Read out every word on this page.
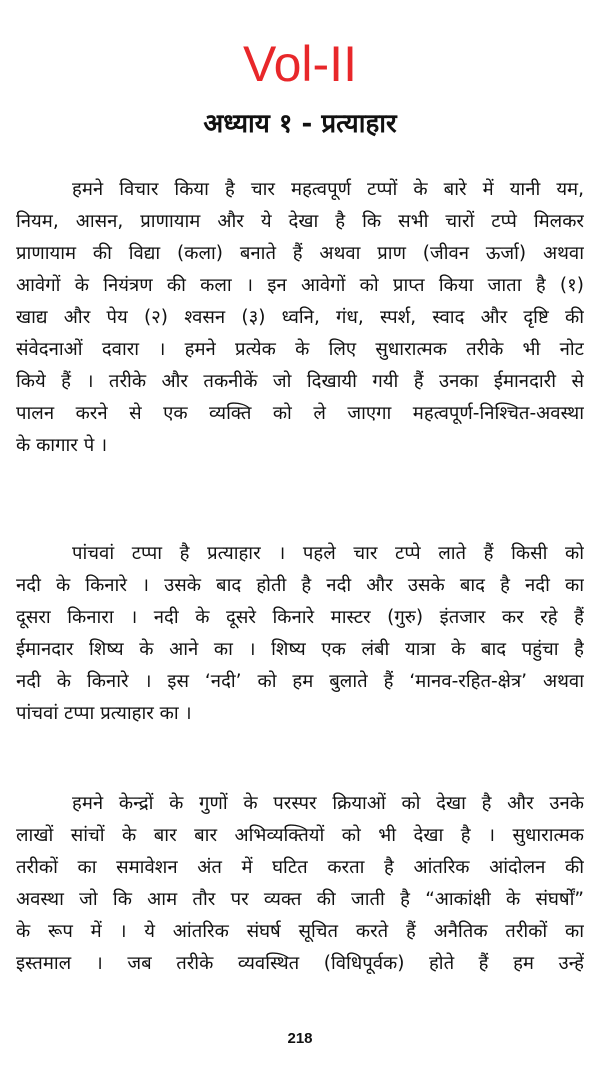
Vol-II
अध्याय १ - प्रत्याहार
हमने विचार किया है चार महत्वपूर्ण टप्पों के बारे में यानी यम,
नियम, आसन, प्राणायाम और ये देखा है कि सभी चारों टप्पे मिलकर
प्राणायाम की विद्या (कला) बनाते हैं अथवा प्राण (जीवन ऊर्जा) अथवा
आवेगों के नियंत्रण की कला । इन आवेगों को प्राप्त किया जाता है (१)
खाद्य और पेय (२) श्वसन (३) ध्वनि, गंध, स्पर्श, स्वाद और दृष्टि की
संवेदनाओं दवारा । हमने प्रत्येक के लिए सुधारात्मक तरीके भी नोट
किये हैं । तरीके और तकनीकें जो दिखायी गयी हैं उनका ईमानदारी से
पालन करने से एक व्यक्ति को ले जाएगा महत्वपूर्ण-निश्चित-अवस्था
के कागार पे ।
पांचवां टप्पा है प्रत्याहार । पहले चार टप्पे लाते हैं किसी को
नदी के किनारे । उसके बाद होती है नदी और उसके बाद है नदी का
दूसरा किनारा । नदी के दूसरे किनारे मास्टर (गुरु) इंतजार कर रहे हैं
ईमानदार शिष्य के आने का । शिष्य एक लंबी यात्रा के बाद पहुंचा है
नदी के किनारे । इस ‘नदी’ को हम बुलाते हैं ‘मानव-रहित-क्षेत्र’ अथवा
पांचवां टप्पा प्रत्याहार का ।
हमने केन्द्रों के गुणों के परस्पर क्रियाओं को देखा है और उनके
लाखों सांचों के बार बार अभिव्यक्तियों को भी देखा है । सुधारात्मक
तरीकों का समावेशन अंत में घटित करता है आंतरिक आंदोलन की
अवस्था जो कि आम तौर पर व्यक्त की जाती है “आकांक्षी के संघर्षों”
के रूप में । ये आंतरिक संघर्ष सूचित करते हैं अनैतिक तरीकों का
इस्तमाल । जब तरीके व्यवस्थित (विधिपूर्वक) होते हैं हम उन्हें
218
